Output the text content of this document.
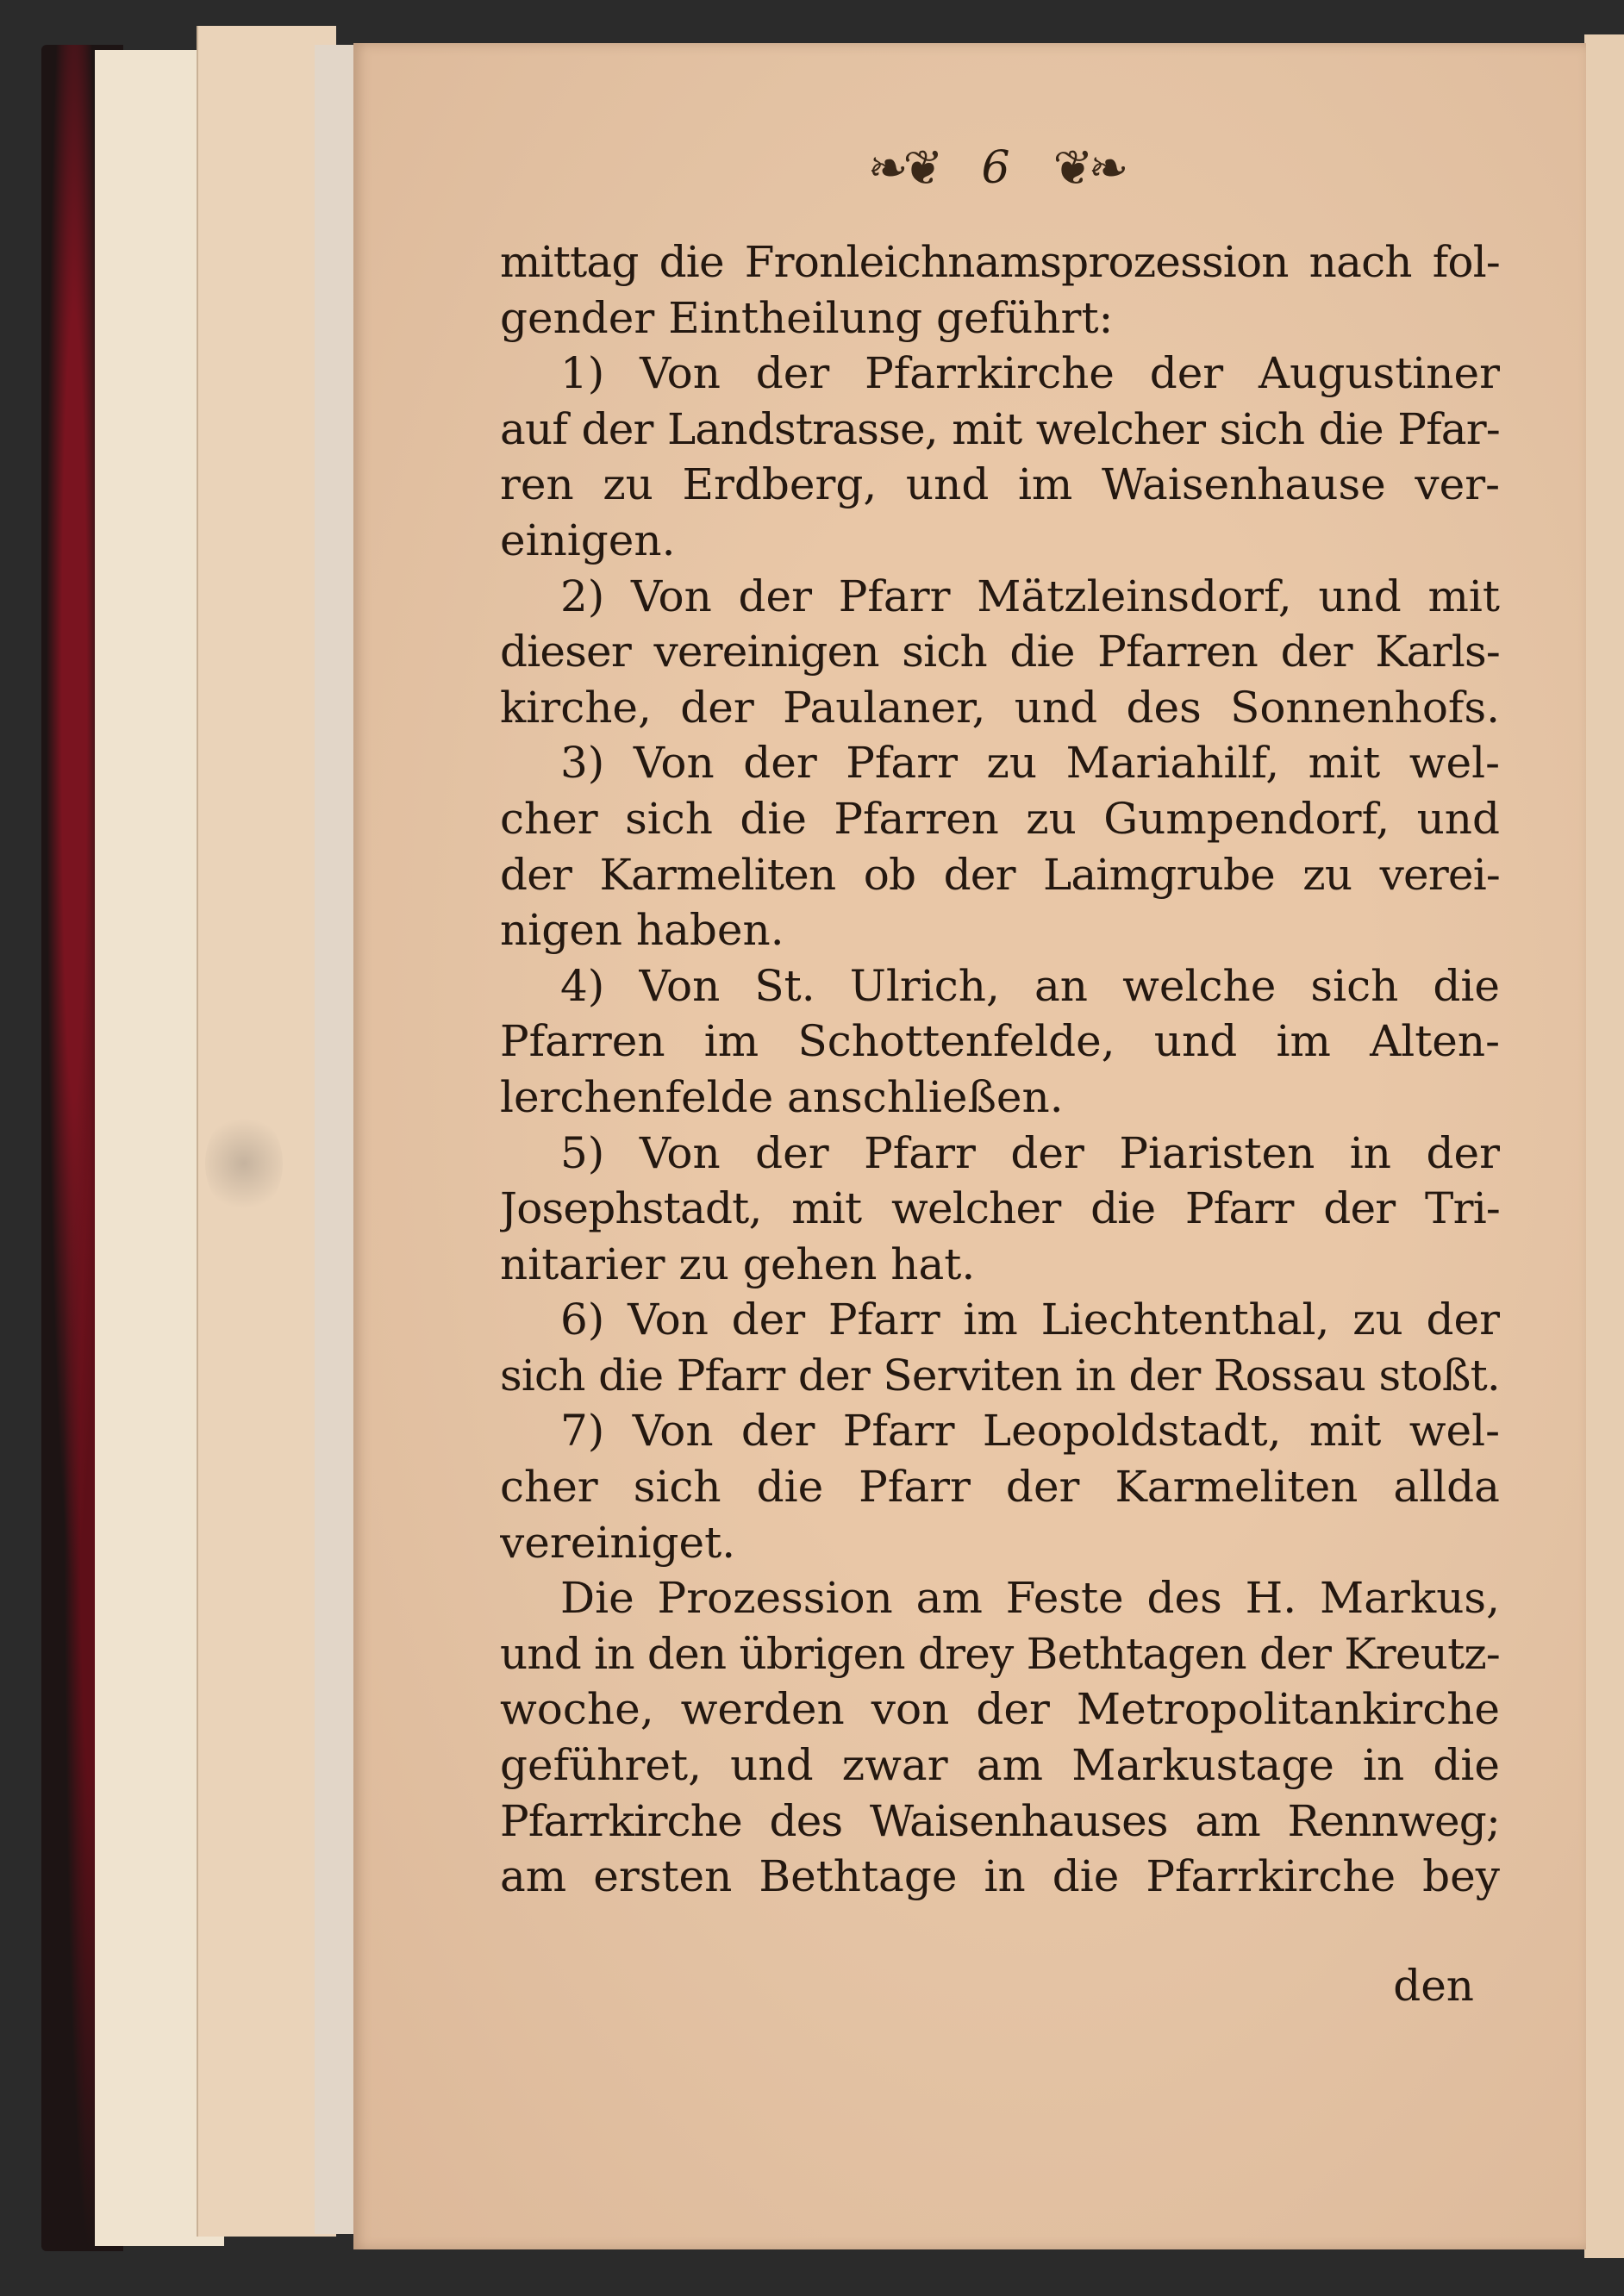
❧❦ 6 ❦❧
mittag die Fronleichnamsprozession nach fol-
gender Eintheilung geführt:
1) Von der Pfarrkirche der Augustiner
auf der Landstrasse, mit welcher sich die Pfar-
ren zu Erdberg, und im Waisenhause ver-
einigen.
2) Von der Pfarr Mätzleinsdorf, und mit
dieser vereinigen sich die Pfarren der Karls-
kirche, der Paulaner, und des Sonnenhofs.
3) Von der Pfarr zu Mariahilf, mit wel-
cher sich die Pfarren zu Gumpendorf, und
der Karmeliten ob der Laimgrube zu verei-
nigen haben.
4) Von St. Ulrich, an welche sich die
Pfarren im Schottenfelde, und im Alten-
lerchenfelde anschließen.
5) Von der Pfarr der Piaristen in der
Josephstadt, mit welcher die Pfarr der Tri-
nitarier zu gehen hat.
6) Von der Pfarr im Liechtenthal, zu der
sich die Pfarr der Serviten in der Rossau stoßt.
7) Von der Pfarr Leopoldstadt, mit wel-
cher sich die Pfarr der Karmeliten allda
vereiniget.
Die Prozession am Feste des H. Markus,
und in den übrigen drey Bethtagen der Kreutz-
woche, werden von der Metropolitankirche
geführet, und zwar am Markustage in die
Pfarrkirche des Waisenhauses am Rennweg;
am ersten Bethtage in die Pfarrkirche bey
den
